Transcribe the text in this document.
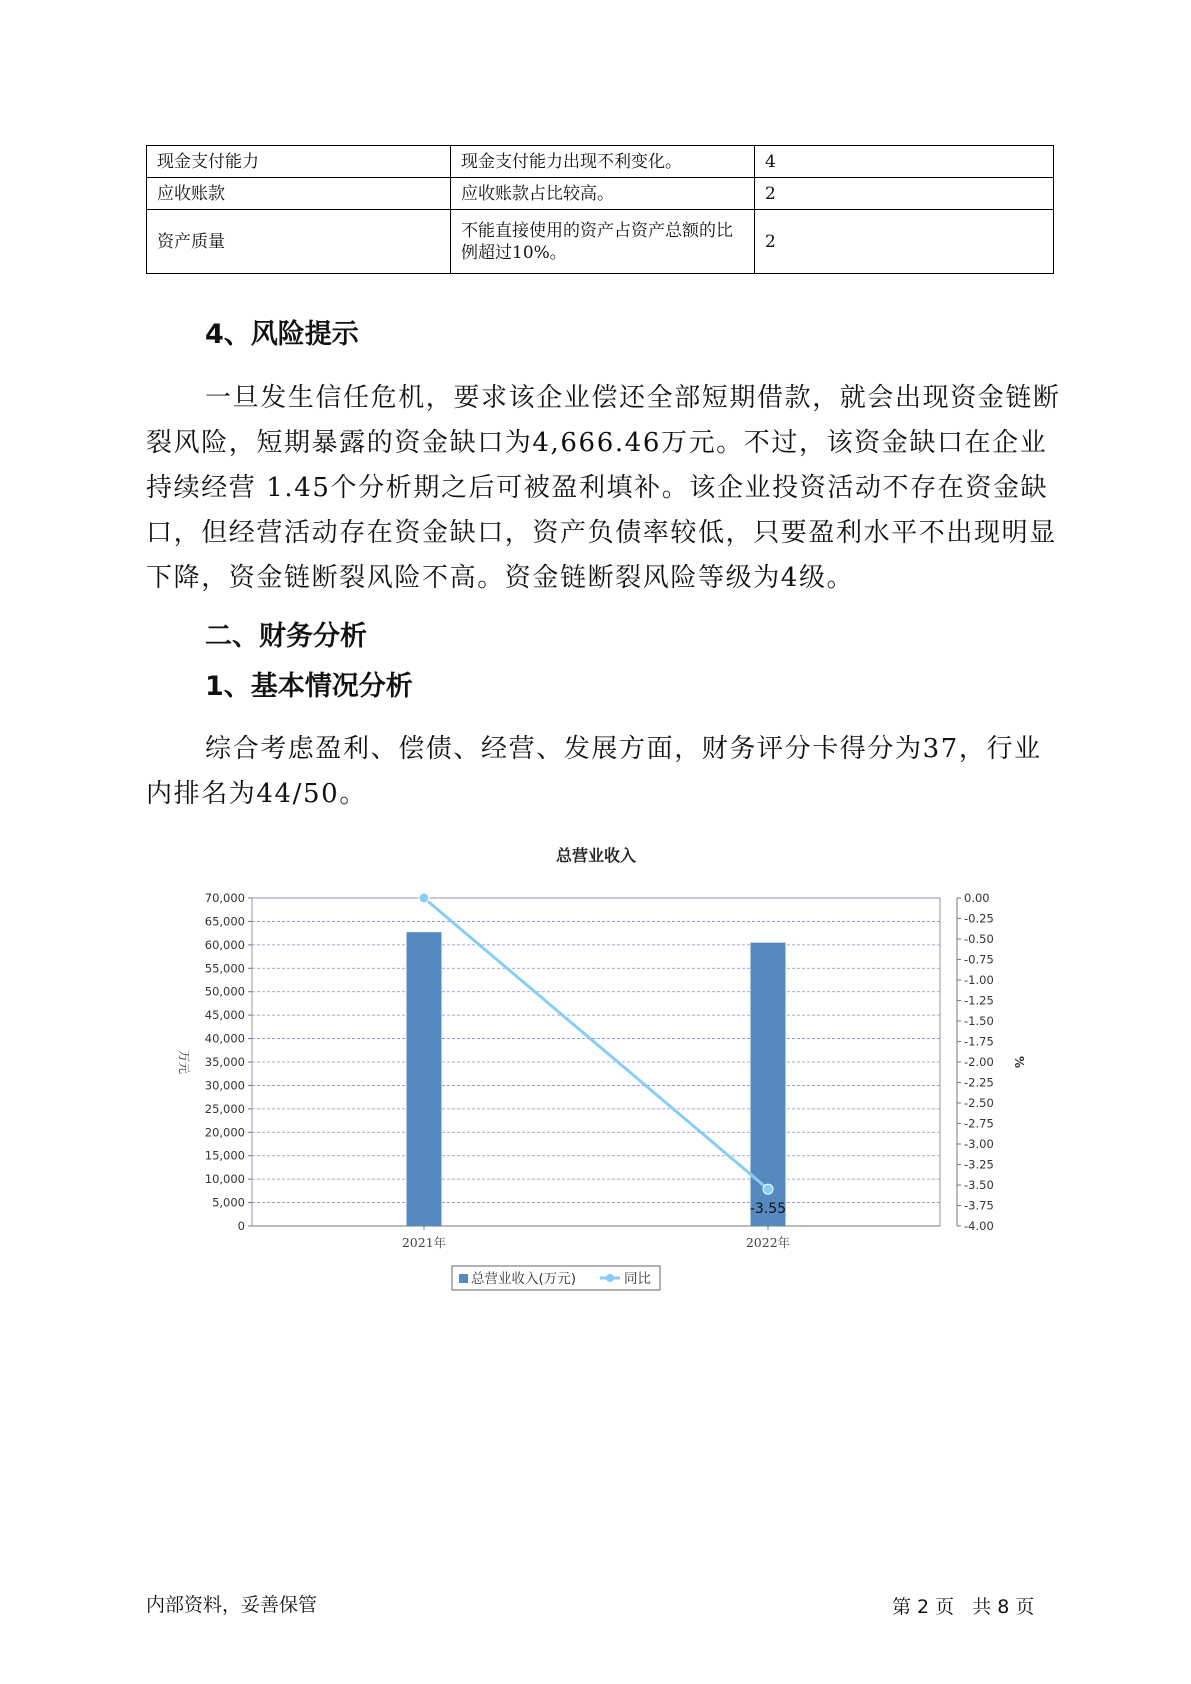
现金支付能力	现金支付能力出现不利变化。	4
应收账款	应收账款占比较高。	2
资产质量	不能直接使用的资产占资产总额的比例超过10%。	2
4、风险提示

一旦发生信任危机，要求该企业偿还全部短期借款，就会出现资金链断裂风险，短期暴露的资金缺口为4,666.46万元。不过，该资金缺口在企业持续经营 1.45个分析期之后可被盈利填补。该企业投资活动不存在资金缺口，但经营活动存在资金缺口，资产负债率较低，只要盈利水平不出现明显下降，资金链断裂风险不高。资金链断裂风险等级为4级。

二、财务分析
1、基本情况分析

综合考虑盈利、偿债、经营、发展方面，财务评分卡得分为37，行业内排名为44/50。

总营业收入
0
5,000
10,000
15,000
20,000
25,000
30,000
35,000
40,000
45,000
50,000
55,000
60,000
65,000
70,000	0.00
-0.25
-0.50
-0.75
-1.00
-1.25
-1.50
-1.75
-2.00
-2.25
-2.50
-2.75
-3.00
-3.25
-3.50
-3.75
-4.00
万元	%
2021年	2022年
-3.55
总营业收入(万元)	同比
内部资料，妥善保管	第 2 页 共 8 页
